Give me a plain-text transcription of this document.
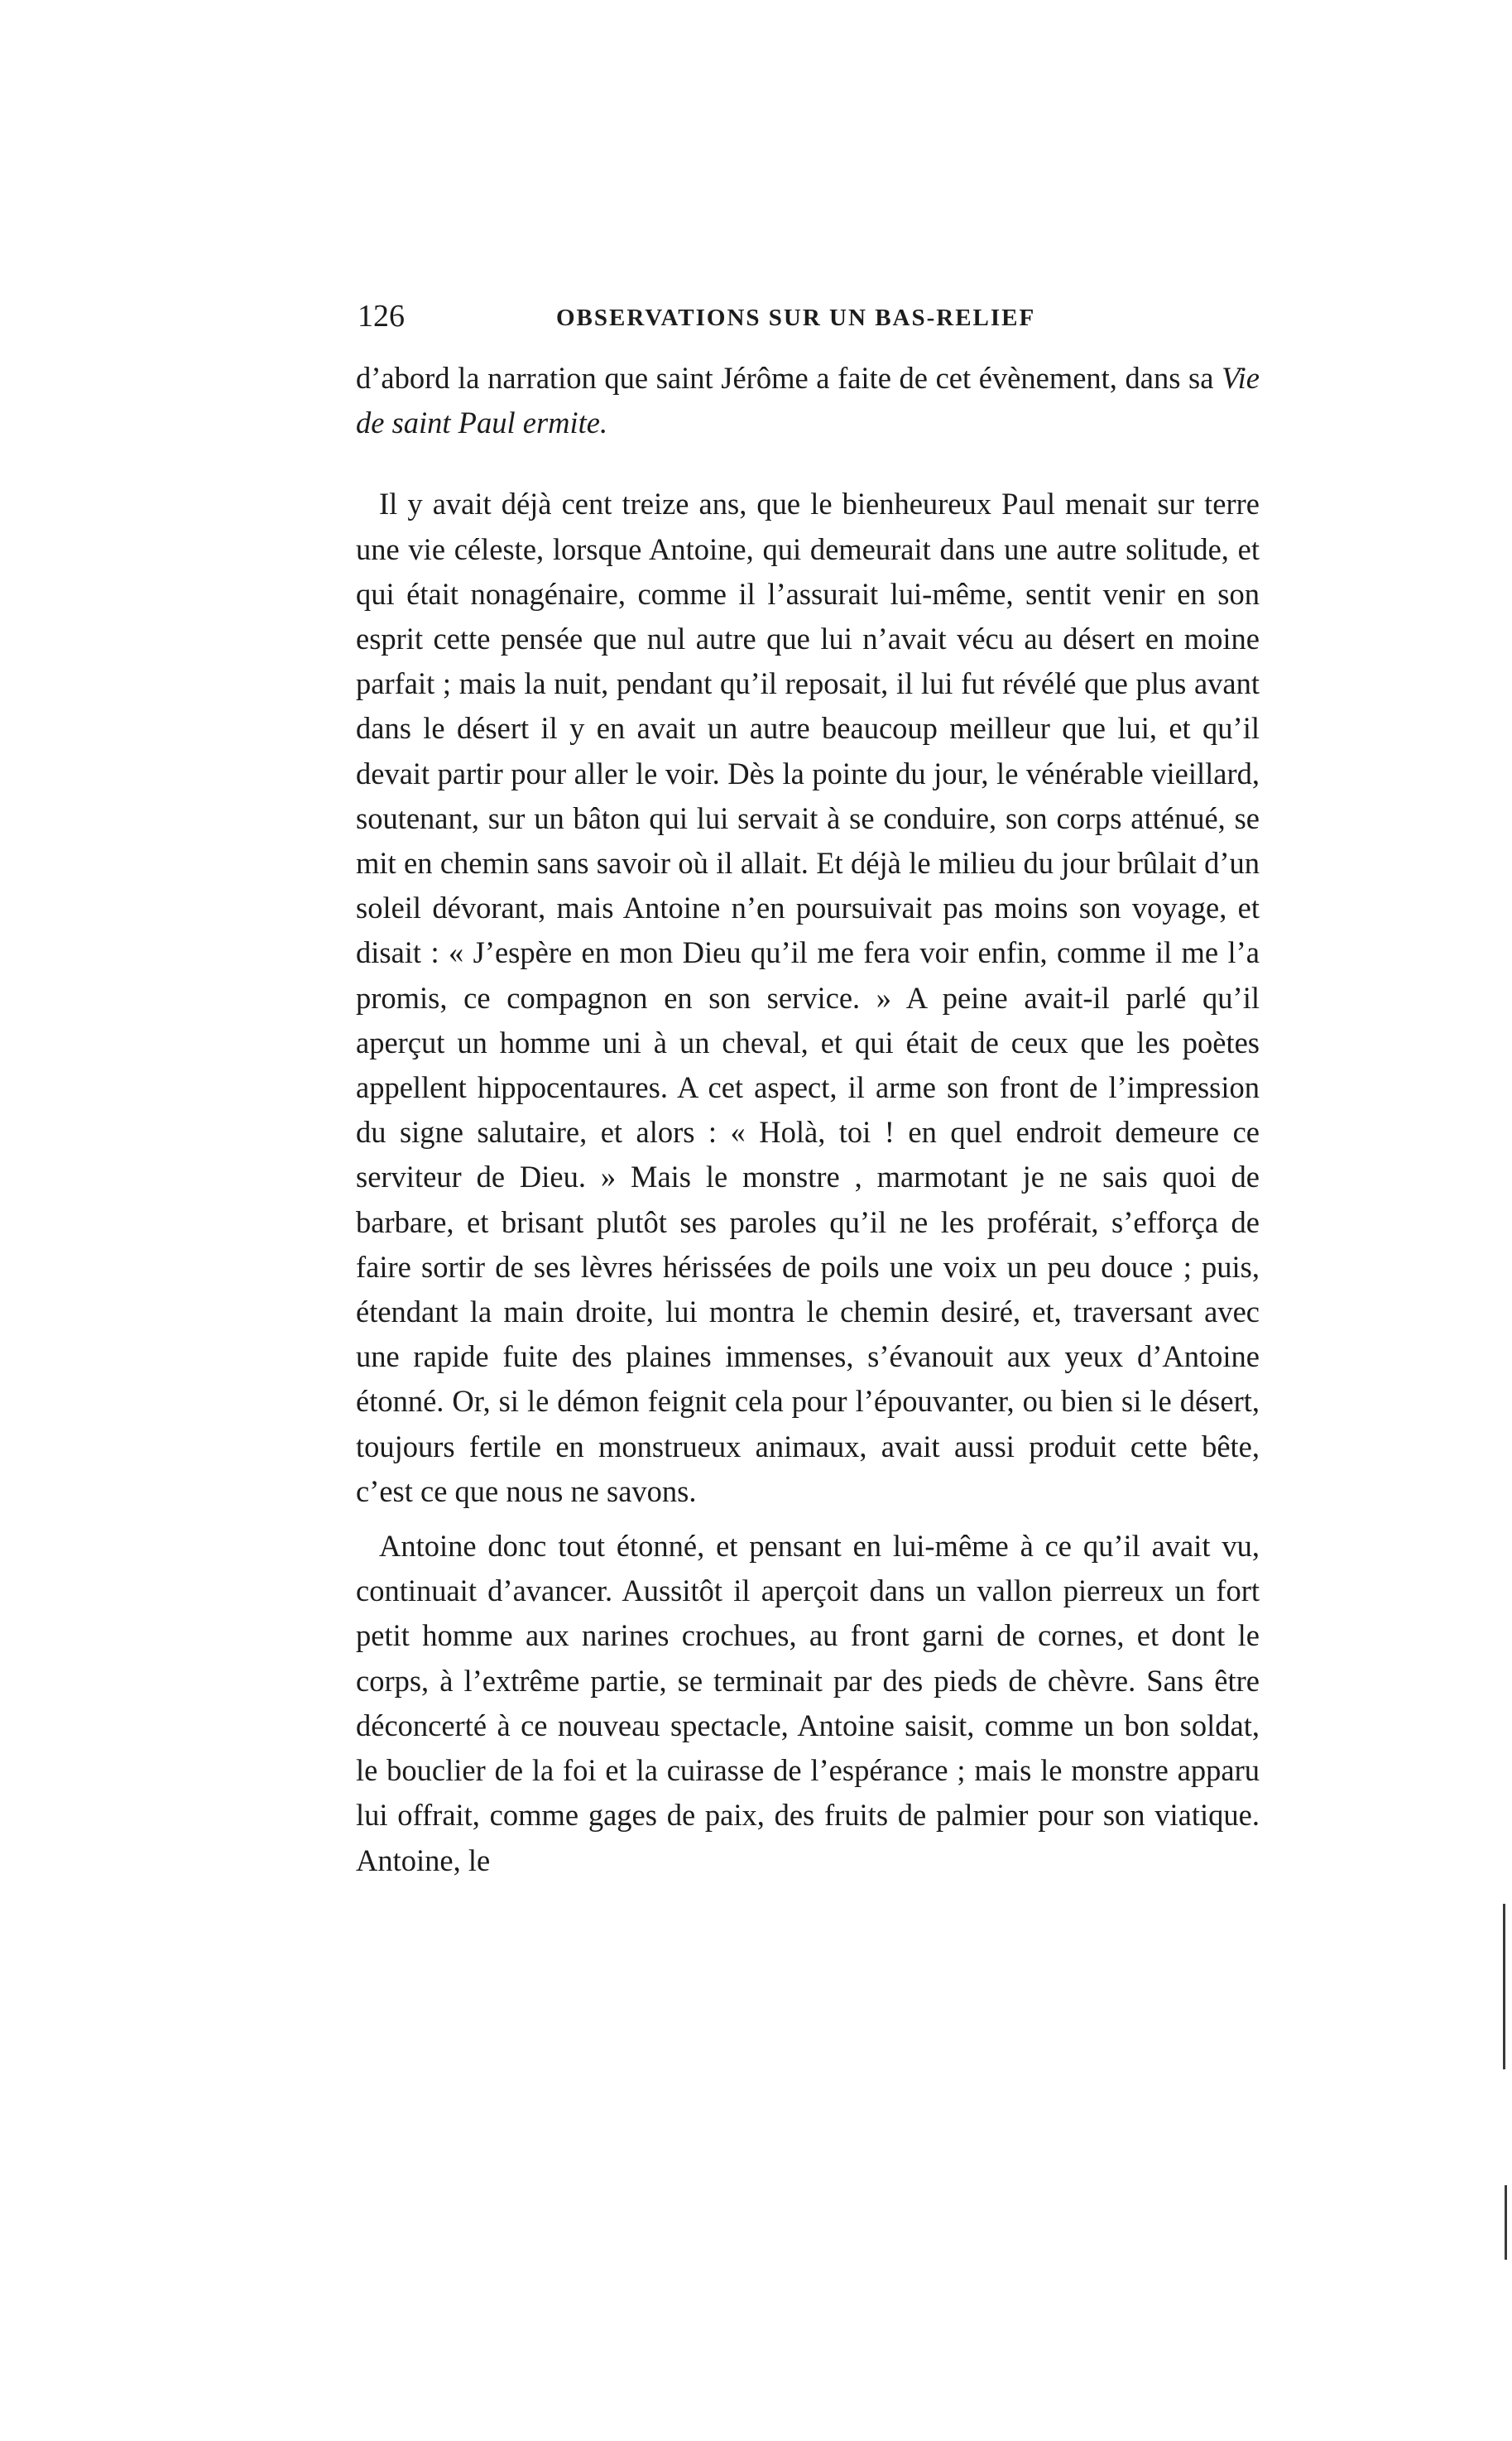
126	OBSERVATIONS SUR UN BAS-RELIEF

d’abord la narration que saint Jérôme a faite de cet évènement, dans sa Vie de saint Paul ermite.

Il y avait déjà cent treize ans, que le bienheureux Paul menait sur terre une vie céleste, lorsque Antoine, qui demeurait dans une autre solitude, et qui était nonagénaire, comme il l’assurait lui-même, sentit venir en son esprit cette pensée que nul autre que lui n’avait vécu au désert en moine parfait ; mais la nuit, pendant qu’il reposait, il lui fut révélé que plus avant dans le désert il y en avait un autre beaucoup meilleur que lui, et qu’il devait partir pour aller le voir. Dès la pointe du jour, le vénérable vieillard, soutenant, sur un bâton qui lui servait à se conduire, son corps atténué, se mit en chemin sans savoir où il allait. Et déjà le milieu du jour brûlait d’un soleil dévorant, mais Antoine n’en poursuivait pas moins son voyage, et disait : « J’espère en mon Dieu qu’il me fera voir enfin, comme il me l’a promis, ce compagnon en son service. » A peine avait-il parlé qu’il aperçut un homme uni à un cheval, et qui était de ceux que les poètes appellent hippocentaures. A cet aspect, il arme son front de l’impression du signe salutaire, et alors : « Holà, toi ! en quel endroit demeure ce serviteur de Dieu. » Mais le monstre , marmotant je ne sais quoi de barbare, et brisant plutôt ses paroles qu’il ne les proférait, s’efforça de faire sortir de ses lèvres hérissées de poils une voix un peu douce ; puis, étendant la main droite, lui montra le chemin desiré, et, traversant avec une rapide fuite des plaines immenses, s’évanouit aux yeux d’Antoine étonné. Or, si le démon feignit cela pour l’épouvanter, ou bien si le désert, toujours fertile en monstrueux animaux, avait aussi produit cette bête, c’est ce que nous ne savons.

Antoine donc tout étonné, et pensant en lui-même à ce qu’il avait vu, continuait d’avancer. Aussitôt il aperçoit dans un vallon pierreux un fort petit homme aux narines crochues, au front garni de cornes, et dont le corps, à l’extrême partie, se terminait par des pieds de chèvre. Sans être déconcerté à ce nouveau spectacle, Antoine saisit, comme un bon soldat, le bouclier de la foi et la cuirasse de l’espérance ; mais le monstre apparu lui offrait, comme gages de paix, des fruits de palmier pour son viatique. Antoine, le
